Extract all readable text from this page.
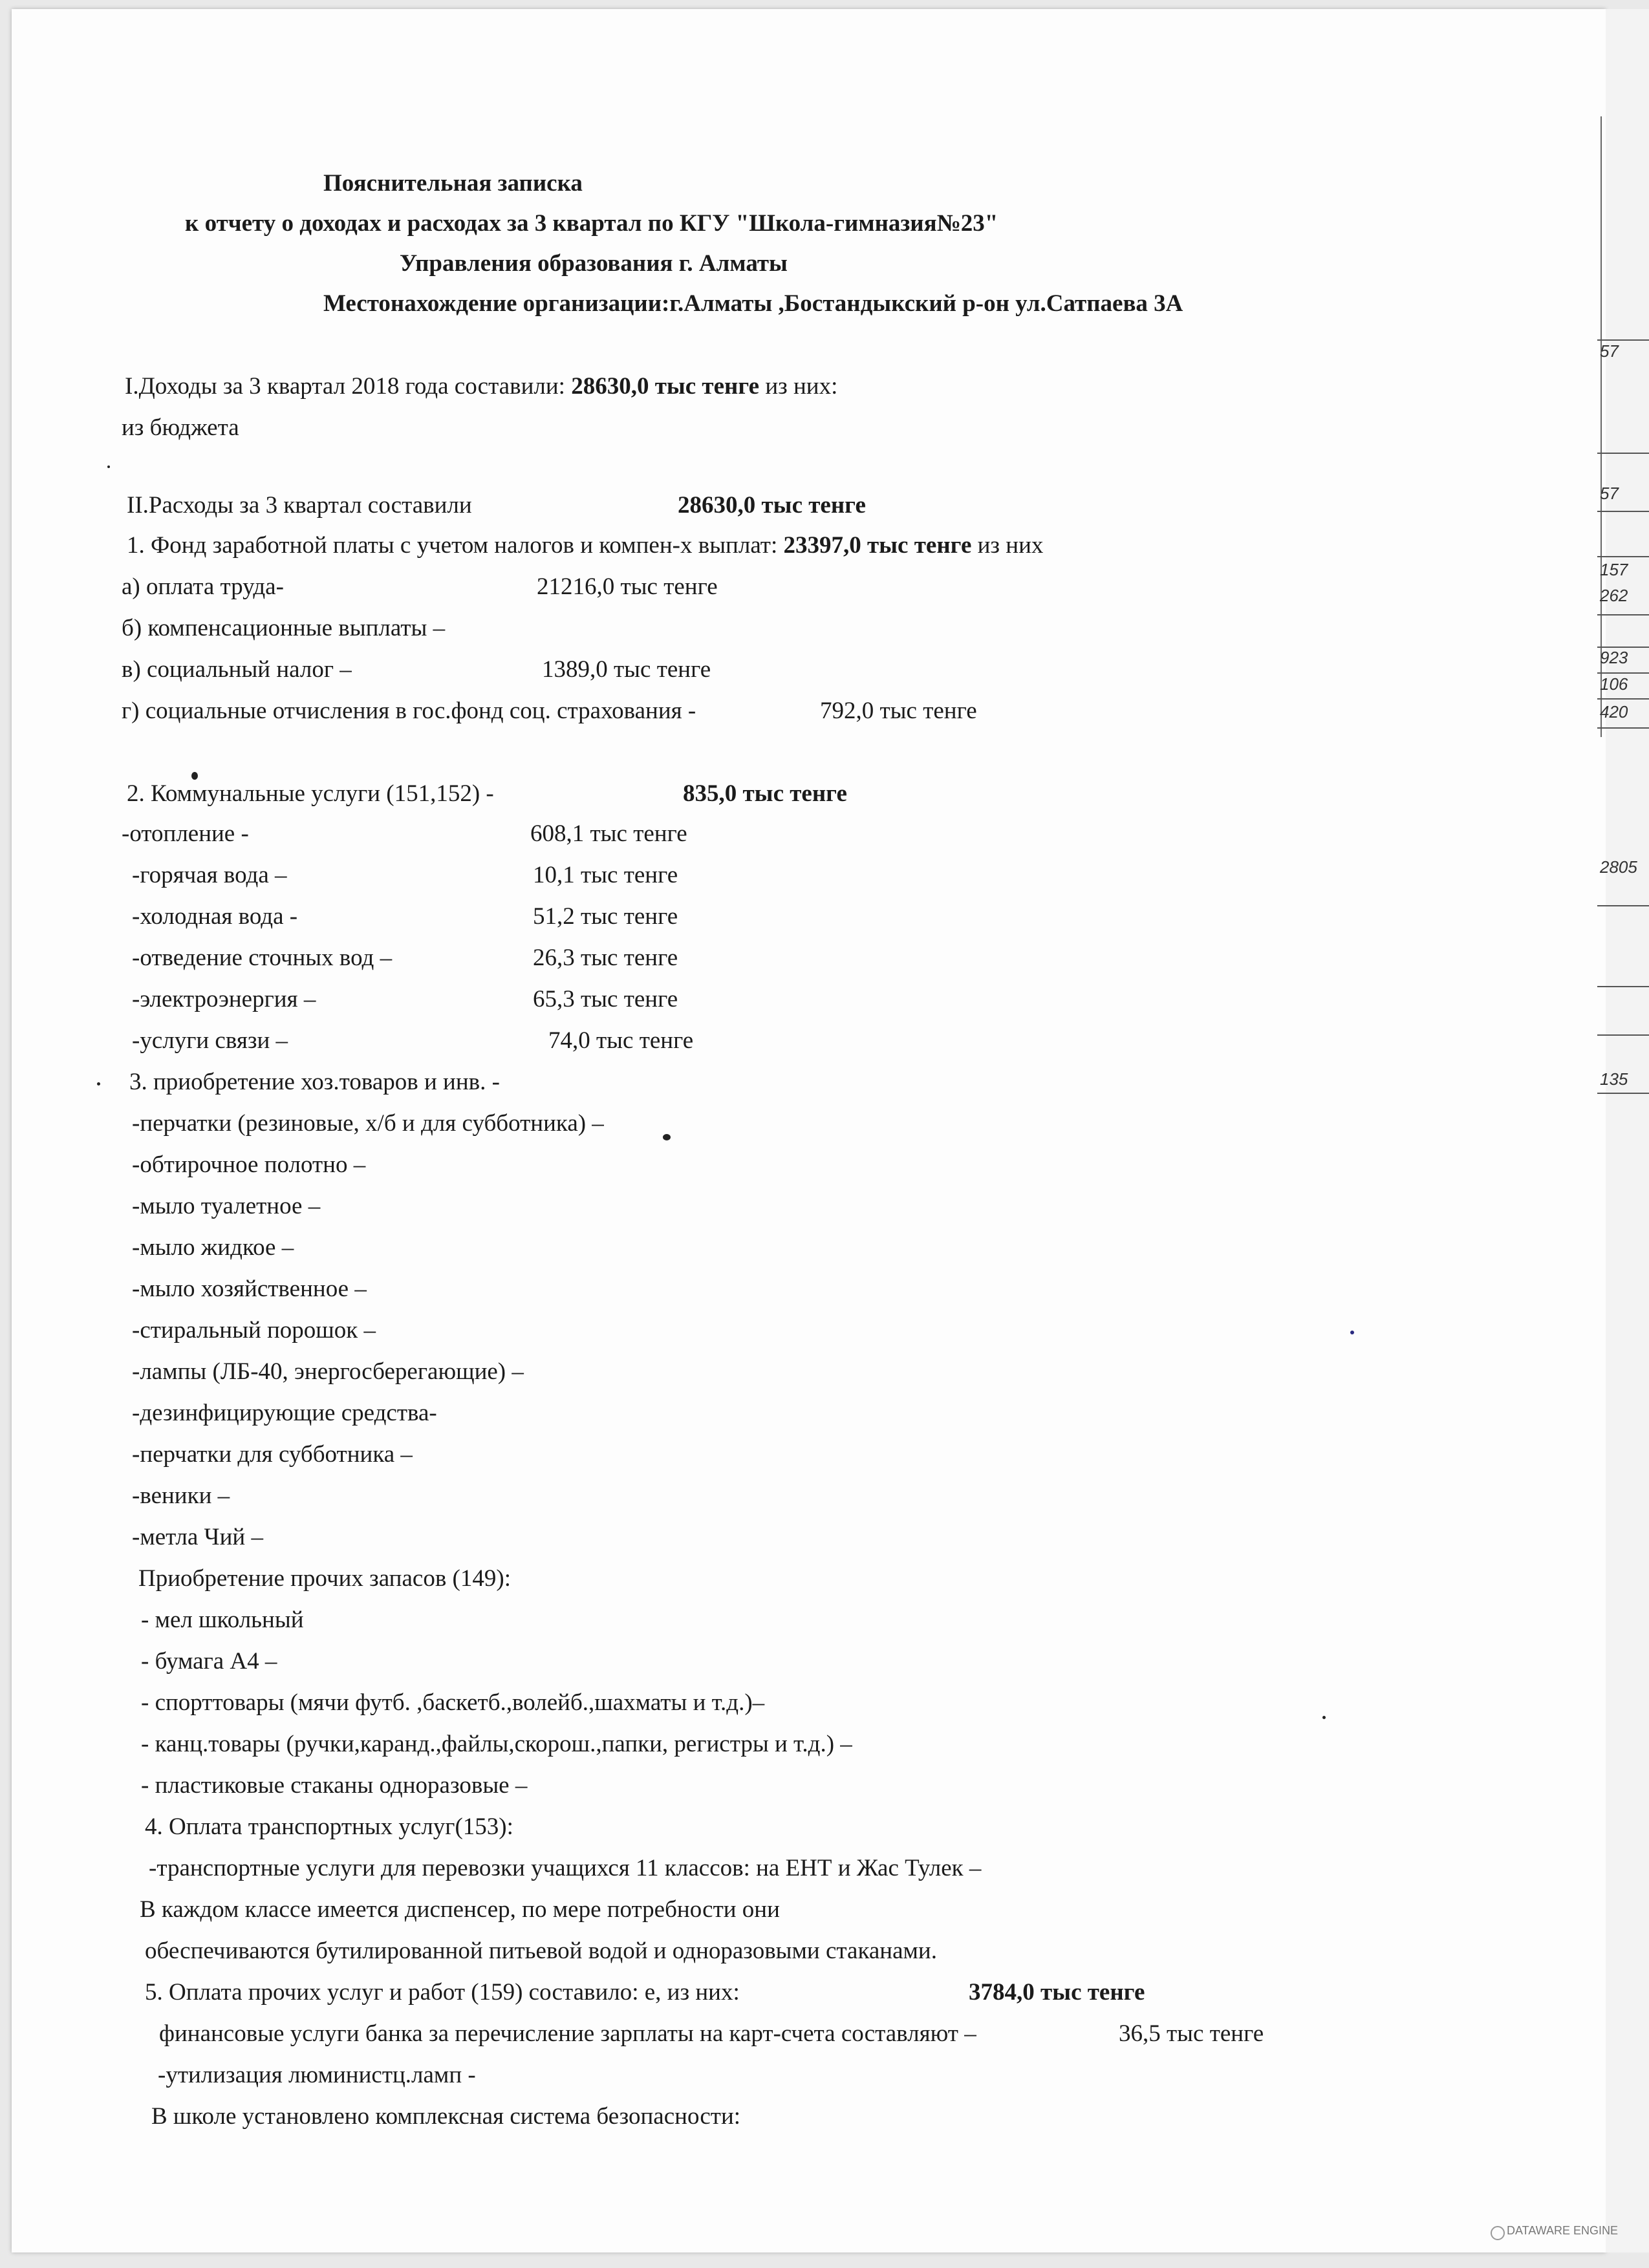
Пояснительная записка
к отчету о доходах и расходах за 3 квартал по КГУ "Школа-гимназия№23"
Управления образования г. Алматы
Местонахождение организации:г.Алматы ,Бостандыкский р-он ул.Сатпаева 3А
I.Доходы за 3 квартал 2018 года составили: 28630,0 тыс тенге из них:
из бюджета
II.Расходы за 3 квартал составили	28630,0 тыс тенге
1. Фонд заработной платы с учетом налогов и компен-х выплат: 23397,0 тыс тенге из них
а) оплата труда-	21216,0 тыс тенге
б) компенсационные выплаты –
в) социальный налог –	1389,0 тыс тенге
г) социальные отчисления в гос.фонд соц. страхования -	792,0 тыс тенге
2. Коммунальные услуги (151,152) -	835,0 тыс тенге
-отопление -	608,1 тыс тенге
-горячая вода –	10,1 тыс тенге
-холодная вода -	51,2 тыс тенге
-отведение сточных вод –	26,3 тыс тенге
-электроэнергия –	65,3 тыс тенге
-услуги связи –	74,0 тыс тенге
3. приобретение хоз.товаров и инв. -
-перчатки (резиновые, х/б и для субботника) –
-обтирочное полотно –
-мыло туалетное –
-мыло жидкое –
-мыло хозяйственное –
-стиральный порошок –
-лампы (ЛБ-40, энергосберегающие) –
-дезинфицирующие средства-
-перчатки для субботника –
-веники –
-метла Чий –
Приобретение прочих запасов (149):
- мел школьный
- бумага А4 –
- спорттовары (мячи футб. ,баскетб.,волейб.,шахматы и т.д.)–
- канц.товары (ручки,каранд.,файлы,скорош.,папки, регистры и т.д.) –
- пластиковые стаканы одноразовые –
4. Оплата транспортных услуг(153):
-транспортные услуги для перевозки учащихся 11 классов: на ЕНТ и Жас Тулек –
В каждом классе имеется диспенсер, по мере потребности они
обеспечиваются бутилированной питьевой водой и одноразовыми стаканами.
5. Оплата прочих услуг и работ (159) составило: е, из них:	3784,0 тыс тенге
финансовые услуги банка за перечисление зарплаты на карт-счета составляют –	36,5 тыс тенге
-утилизация люминистц.ламп -
В школе установлено комплексная система безопасности:
57
57
157
262
923
106
420
2805
135
DATAWARE ENGINE
